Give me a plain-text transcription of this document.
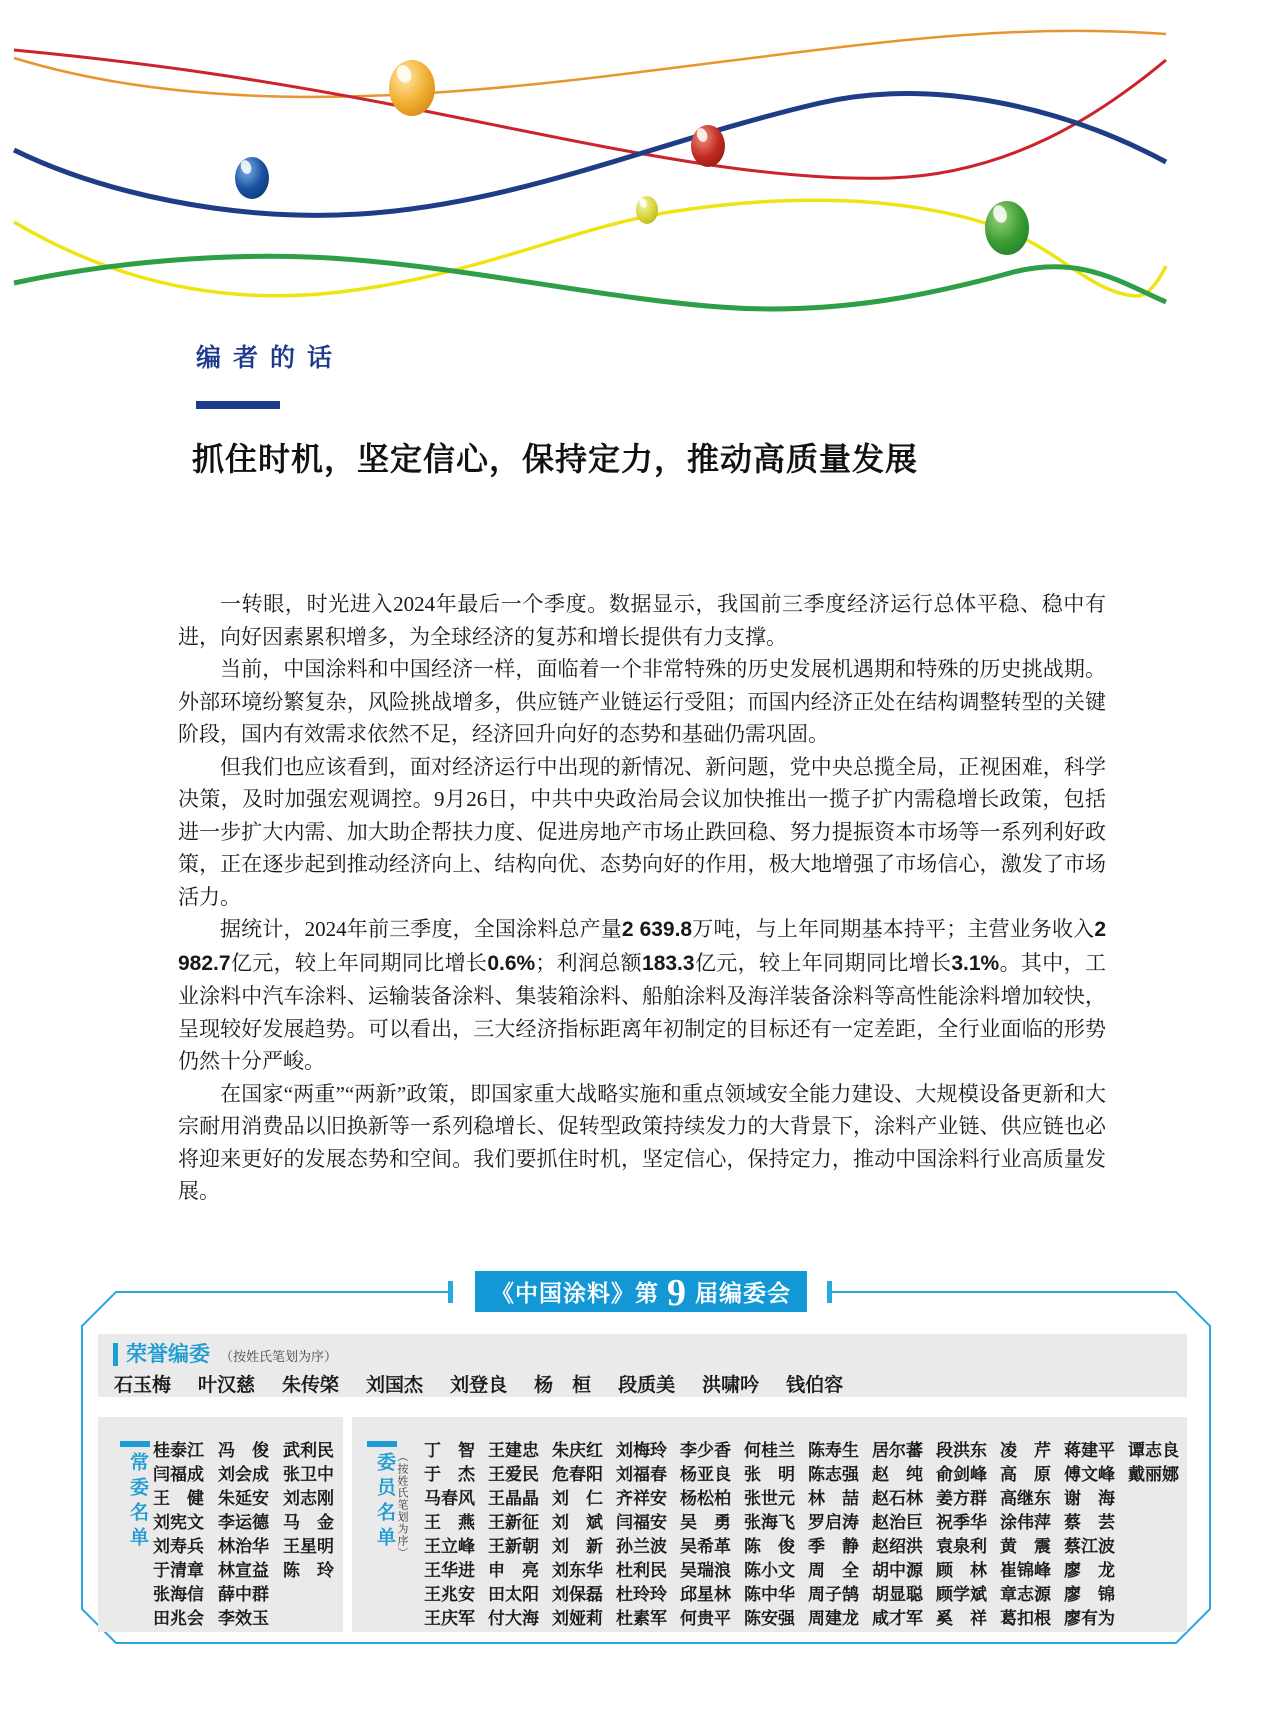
编者的话
抓住时机，坚定信心，保持定力，推动高质量发展

一转眼，时光进入2024年最后一个季度。数据显示，我国前三季度经济运行总体平稳、稳中有进，向好因素累积增多，为全球经济的复苏和增长提供有力支撑。

当前，中国涂料和中国经济一样，面临着一个非常特殊的历史发展机遇期和特殊的历史挑战期。外部环境纷繁复杂，风险挑战增多，供应链产业链运行受阻；而国内经济正处在结构调整转型的关键阶段，国内有效需求依然不足，经济回升向好的态势和基础仍需巩固。

但我们也应该看到，面对经济运行中出现的新情况、新问题，党中央总揽全局，正视困难，科学决策，及时加强宏观调控。9月26日，中共中央政治局会议加快推出一揽子扩内需稳增长政策，包括进一步扩大内需、加大助企帮扶力度、促进房地产市场止跌回稳、努力提振资本市场等一系列利好政策，正在逐步起到推动经济向上、结构向优、态势向好的作用，极大地增强了市场信心，激发了市场活力。

据统计，2024年前三季度，全国涂料总产量2 639.8万吨，与上年同期基本持平；主营业务收入2 982.7亿元，较上年同期同比增长0.6%；利润总额183.3亿元，较上年同期同比增长3.1%。其中，工业涂料中汽车涂料、运输装备涂料、集装箱涂料、船舶涂料及海洋装备涂料等高性能涂料增加较快，呈现较好发展趋势。可以看出，三大经济指标距离年初制定的目标还有一定差距，全行业面临的形势仍然十分严峻。

在国家“两重”“两新”政策，即国家重大战略实施和重点领域安全能力建设、大规模设备更新和大宗耐用消费品以旧换新等一系列稳增长、促转型政策持续发力的大背景下，涂料产业链、供应链也必将迎来更好的发展态势和空间。我们要抓住时机，坚定信心，保持定力，推动中国涂料行业高质量发展。

《中国涂料》第 9 届编委会
荣誉编委 （按姓氏笔划为序）
石玉梅 叶汉慈 朱传棨 刘国杰 刘登良 杨　桓 段质美 洪啸吟 钱伯容
常委名单
桂泰江 冯　俊 武利民
闫福成 刘会成 张卫中
王　健 朱延安 刘志刚
刘宪文 李运德 马　金
刘寿兵 林治华 王星明
于清章 林宣益 陈　玲
张海信 薛中群
田兆会 李效玉
委员名单 （按姓氏笔划为序）
丁　智 王建忠 朱庆红 刘梅玲 李少香 何桂兰 陈寿生 居尔蕃 段洪东 凌　芹 蒋建平 谭志良
于　杰 王爱民 危春阳 刘福春 杨亚良 张　明 陈志强 赵　纯 俞剑峰 高　原 傅文峰 戴丽娜
马春风 王晶晶 刘　仁 齐祥安 杨松柏 张世元 林　喆 赵石林 姜方群 高继东 谢　海
王　燕 王新征 刘　斌 闫福安 吴　勇 张海飞 罗启涛 赵治巨 祝季华 涂伟萍 蔡　芸
王立峰 王新朝 刘　新 孙兰波 吴希革 陈　俊 季　静 赵绍洪 袁泉利 黄　震 蔡江波
王华进 申　亮 刘东华 杜利民 吴瑞浪 陈小文 周　全 胡中源 顾　林 崔锦峰 廖　龙
王兆安 田太阳 刘保磊 杜玲玲 邱星林 陈中华 周子鹄 胡显聪 顾学斌 章志源 廖　锦
王庆军 付大海 刘娅莉 杜素军 何贵平 陈安强 周建龙 咸才军 奚　祥 葛扣根 廖有为
